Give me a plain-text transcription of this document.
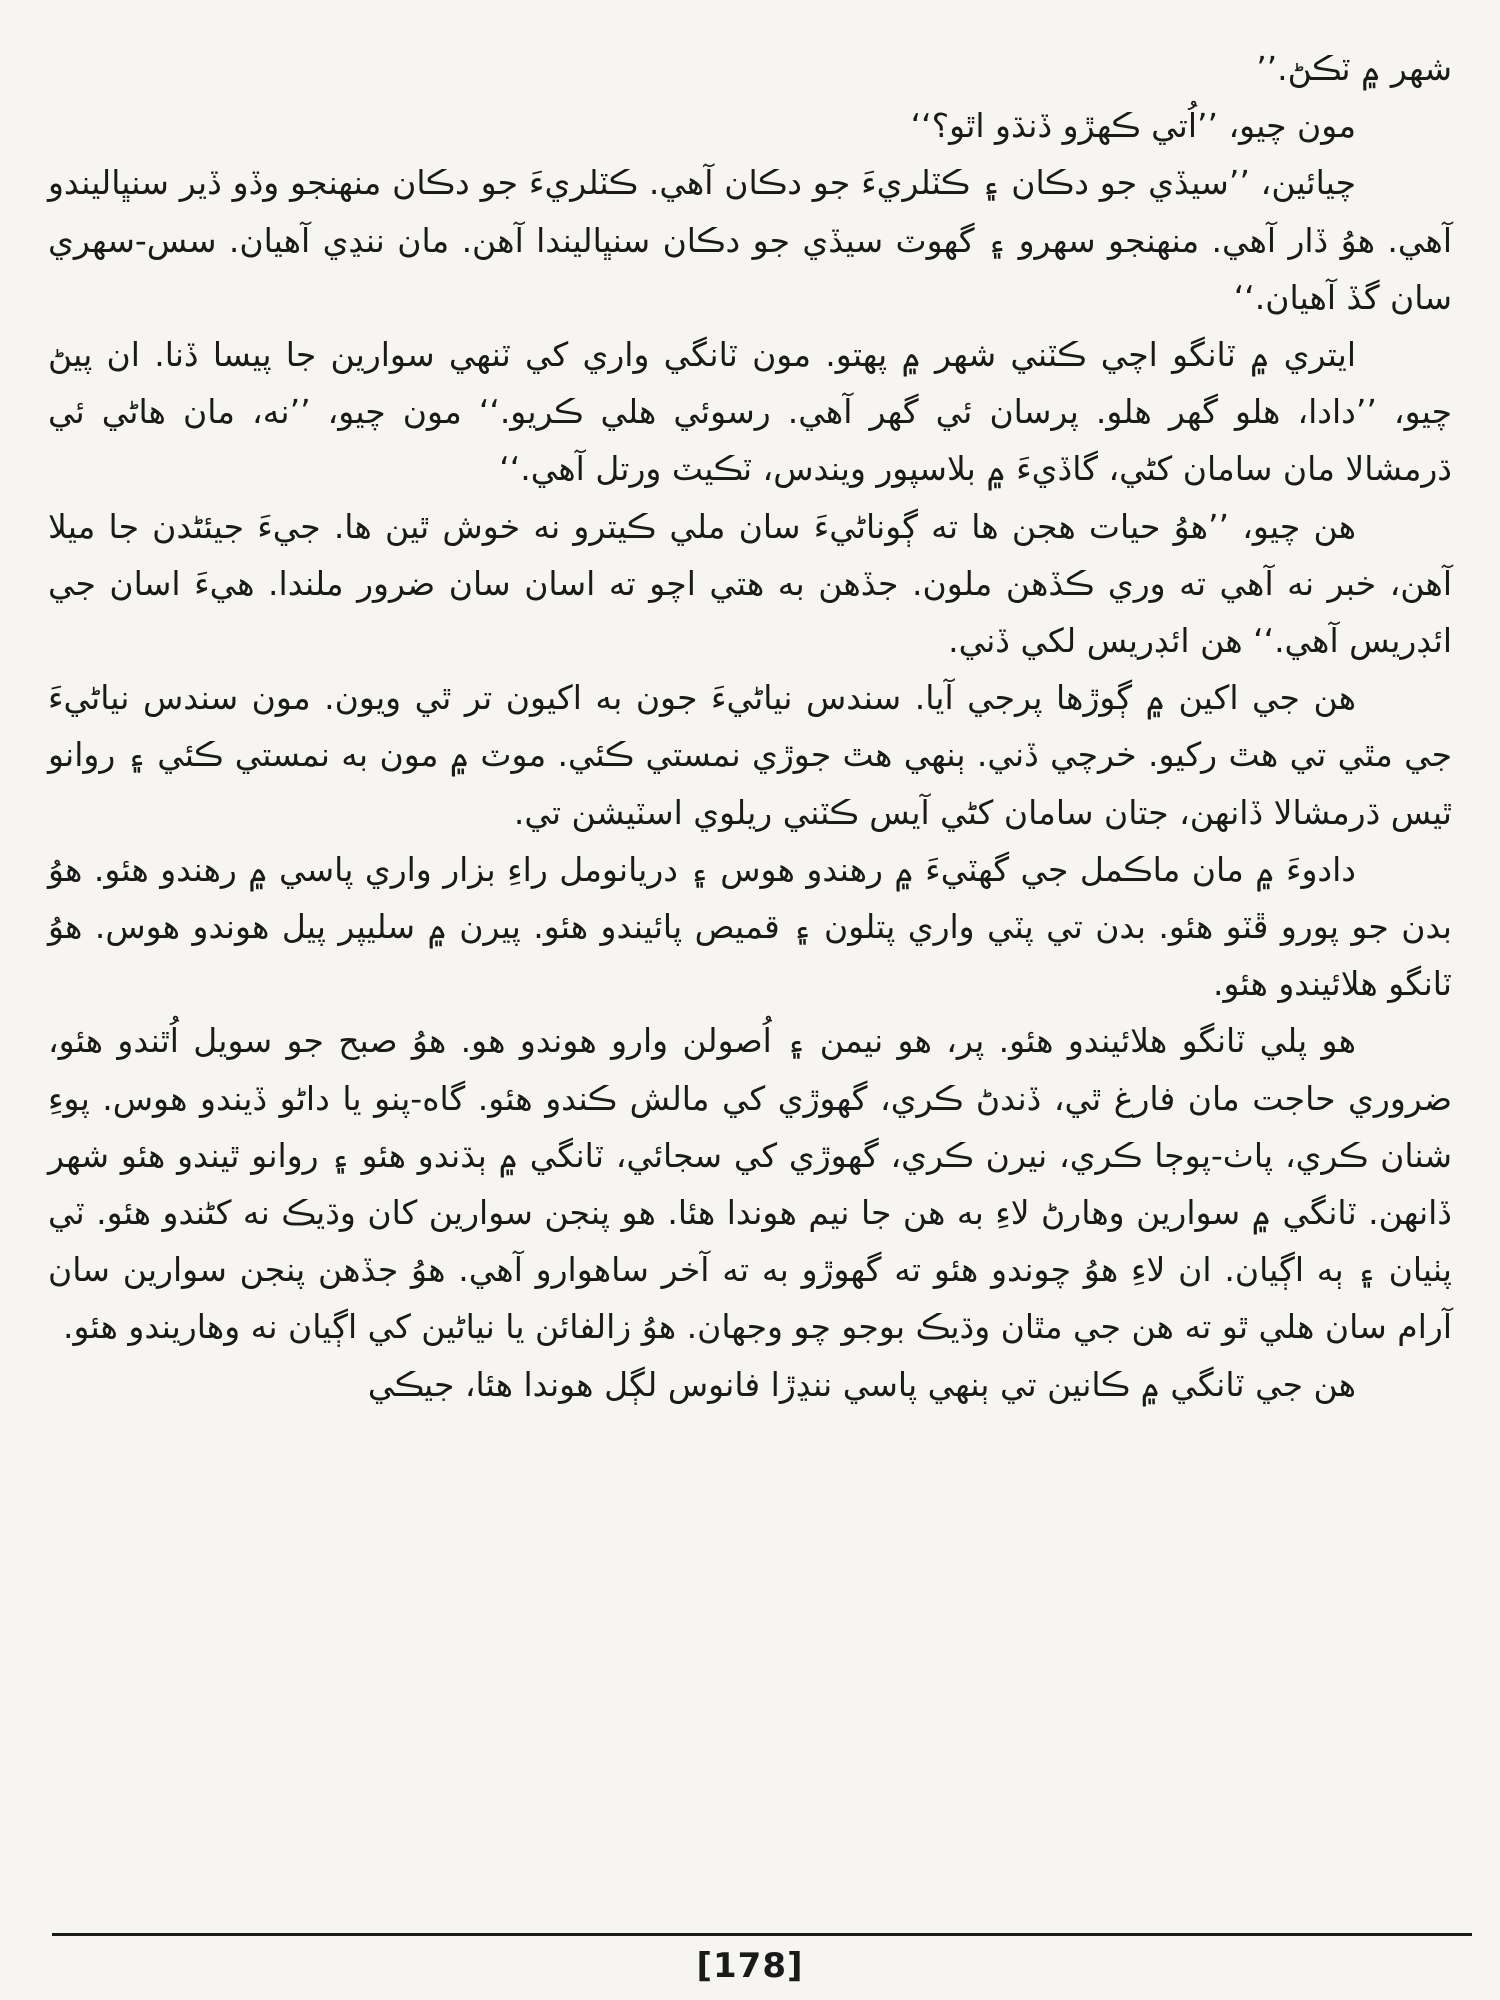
شهر ۾ ٽڪڻ.’’

مون چيو، ’’اُتي ڪهڙو ڏنڌو اٿو؟‘‘

چيائين، ’’سيڏي جو دڪان ۽ ڪٽلريءَ جو دڪان آهي. ڪٽلريءَ جو دڪان منهنجو وڏو ڏير سنڀاليندو آهي. هوُ ڏار آهي. منهنجو سهرو ۽ گهوٽ سيڏي جو دڪان سنڀاليندا آهن. مان ننڍي آهيان. سس-سهري سان گڏ آهيان.‘‘

ايتري ۾ ٽانگو اچي ڪٽني شهر ۾ پهتو. مون ٽانگي واري کي ٽنهي سوارين جا پيسا ڏنا. ان پيڻ چيو، ’’دادا، هلو گهر هلو. پرسان ئي گهر آهي. رسوئي هلي ڪريو.‘‘ مون چيو، ’’نه، مان هاڻي ئي ڌرمشالا مان سامان کڻي، گاڏيءَ ۾ بلاسپور ويندس، ٽڪيٽ ورتل آهي.‘‘

هن چيو، ’’هوُ حيات هجن ها ته ڳوناڻيءَ سان ملي ڪيترو نه خوش ٿين ها. جيءَ جيئڻدن جا ميلا آهن، خبر نه آهي ته وري ڪڏهن ملون. جڏهن به هتي اچو ته اسان سان ضرور ملندا. هيءَ اسان جي ائڊريس آهي.‘‘ هن ائڊريس لکي ڏني.

هن جي اکين ۾ ڳوڙها پرجي آيا. سندس نياڻيءَ جون به اکيون تر ٿي ويون. مون سندس نياڻيءَ جي مٿي تي هٿ رکيو. خرچي ڏني. ٻنهي هٿ جوڙي نمستي ڪئي. موٽ ۾ مون به نمستي ڪئي ۽ روانو ٿيس ڌرمشالا ڏانهن، جتان سامان کڻي آيس ڪٽني ريلوي اسٽيشن تي.

دادوءَ ۾ مان ماڪمل جي گهٽيءَ ۾ رهندو هوس ۽ دريانومل راءِ بزار واري پاسي ۾ رهندو هئو. هوُ بدن جو پورو ڦٽو هئو. بدن تي پٽي واري پتلون ۽ قميص پائيندو هئو. پيرن ۾ سليپر پيل هوندو هوس. هوُ ٽانگو هلائيندو هئو.

هو پلي ٽانگو هلائيندو هئو. پر، هو نيمن ۽ اُصولن وارو هوندو هو. هوُ صبح جو سويل اُٿندو هئو، ضروري حاجت مان فارغ ٿي، ڏندڻ ڪري، گهوڙي کي مالش ڪندو هئو. گاه-پنو يا داڻو ڏيندو هوس. پوءِ شنان ڪري، پاٺ-پوڄا ڪري، نيرن ڪري، گهوڙي کي سجائي، ٽانگي ۾ ٻڌندو هئو ۽ روانو ٿيندو هئو شهر ڏانهن. ٽانگي ۾ سوارين وهارڻ لاءِ به هن جا نيم هوندا هئا. هو پنجن سوارين کان وڌيڪ نه کڻندو هئو. ٽي پٺيان ۽ ٻه اڳيان. ان لاءِ هوُ چوندو هئو ته گهوڙو به ته آخر ساهوارو آهي. هوُ جڏهن پنجن سوارين سان آرام سان هلي ٿو ته هن جي مٿان وڌيڪ بوجو چو وجهان. هوُ زالفائن يا نياڻين کي اڳيان نه وهاريندو هئو.

هن جي ٽانگي ۾ ڪانين تي ٻنهي پاسي ننڍڙا فانوس لڳل هوندا هئا، جيڪي

[178]
